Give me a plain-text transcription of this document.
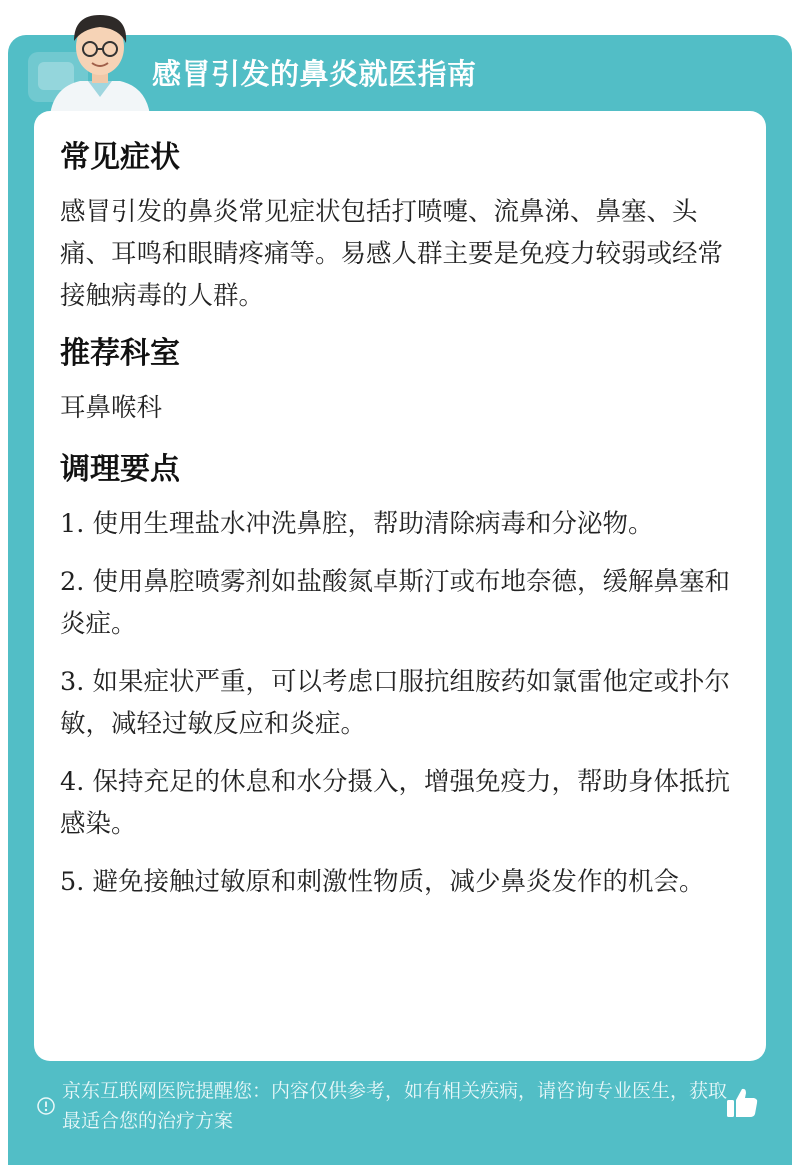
感冒引发的鼻炎就医指南
常见症状
感冒引发的鼻炎常见症状包括打喷嚏、流鼻涕、鼻塞、头痛、耳鸣和眼睛疼痛等。易感人群主要是免疫力较弱或经常接触病毒的人群。
推荐科室
耳鼻喉科
调理要点
1. 使用生理盐水冲洗鼻腔，帮助清除病毒和分泌物。
2. 使用鼻腔喷雾剂如盐酸氮卓斯汀或布地奈德，缓解鼻塞和炎症。
3. 如果症状严重，可以考虑口服抗组胺药如氯雷他定或扑尔敏，减轻过敏反应和炎症。
4. 保持充足的休息和水分摄入，增强免疫力，帮助身体抵抗感染。
5. 避免接触过敏原和刺激性物质，减少鼻炎发作的机会。
京东互联网医院提醒您：内容仅供参考，如有相关疾病，请咨询专业医生，获取最适合您的治疗方案
